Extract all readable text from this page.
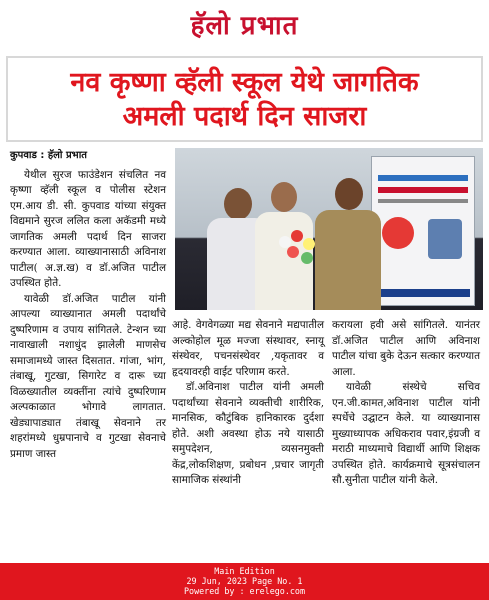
हॅलो प्रभात
नव कृष्णा व्हॅली स्कूल येथे जागतिक
अमली पदार्थ दिन साजरा
कुपवाड : हॅलो प्रभात

येथील सुरज फाउंडेशन संचलित नव कृष्णा व्हॅली स्कूल व पोलीस स्टेशन एम.आय डी. सी. कुपवाड यांच्या संयुक्त विद्यमाने सुरज ललित कला अकॅडमी मध्ये जागतिक अमली पदार्थ दिन साजरा करण्यात आला. व्याख्यानासाठी अविनाश पाटील( अ.ज्ञ.ख) व डॉ.अजित पाटील उपस्थित होते.

यावेळी डॉ.अजित पाटील यांनी आपल्या व्याख्यानात अमली पदार्थांचे दुष्परिणाम व उपाय सांगितले. टेन्शन च्या नावाखाली नशाधुंद झालेली माणसेच समाजामध्ये जास्त दिसतात. गांजा, भांग, तंबाखू, गुटखा, सिगारेट व दारू च्या विळख्यातील व्यक्तींना त्यांचे दुष्परिणाम अल्पकाळात भोगावे लागतात. खेड्यापाड्यात तंबाखू सेवनाने तर शहरांमध्ये धुम्रपानाचे व गुटखा सेवनाचे प्रमाण जास्त

आहे. वेगवेगळ्या मद्य सेवनाने मद्यपातील अल्कोहोल मूळ मज्जा संस्थावर, स्नायू संस्थेवर, पचनसंस्थेवर ,यकृतावर व हृदयावरही वाईट परिणाम करते.

डॉ.अविनाश पाटील यांनी अमली पदार्थांच्या सेवनाने व्यक्तीची शारीरिक, मानसिक, कौटुंबिक हानिकारक दुर्दशा होते. अशी अवस्था होऊ नये यासाठी समुपदेशन, व्यसनमुक्ती केंद्र,लोकशिक्षण, प्रबोधन ,प्रचार जागृती सामाजिक संस्थांनी

करायला हवी असे सांगितले. यानंतर डॉ.अजित पाटील आणि अविनाश पाटील यांचा बुके देऊन सत्कार करण्यात आला.

यावेळी संस्थेचे सचिव एन.जी.कामत,अविनाश पाटील यांनी स्पर्धेचे उद्घाटन केले. या व्याख्यानास मुख्याध्यापक अधिकराव पवार,इंग्रजी व मराठी माध्यमाचे विद्यार्थी आणि शिक्षक उपस्थित होते. कार्यक्रमाचे सूत्रसंचालन सौ.सुनीता पाटील यांनी केले.

Main Edition
29 Jun, 2023 Page No. 1
Powered by : erelego.com
